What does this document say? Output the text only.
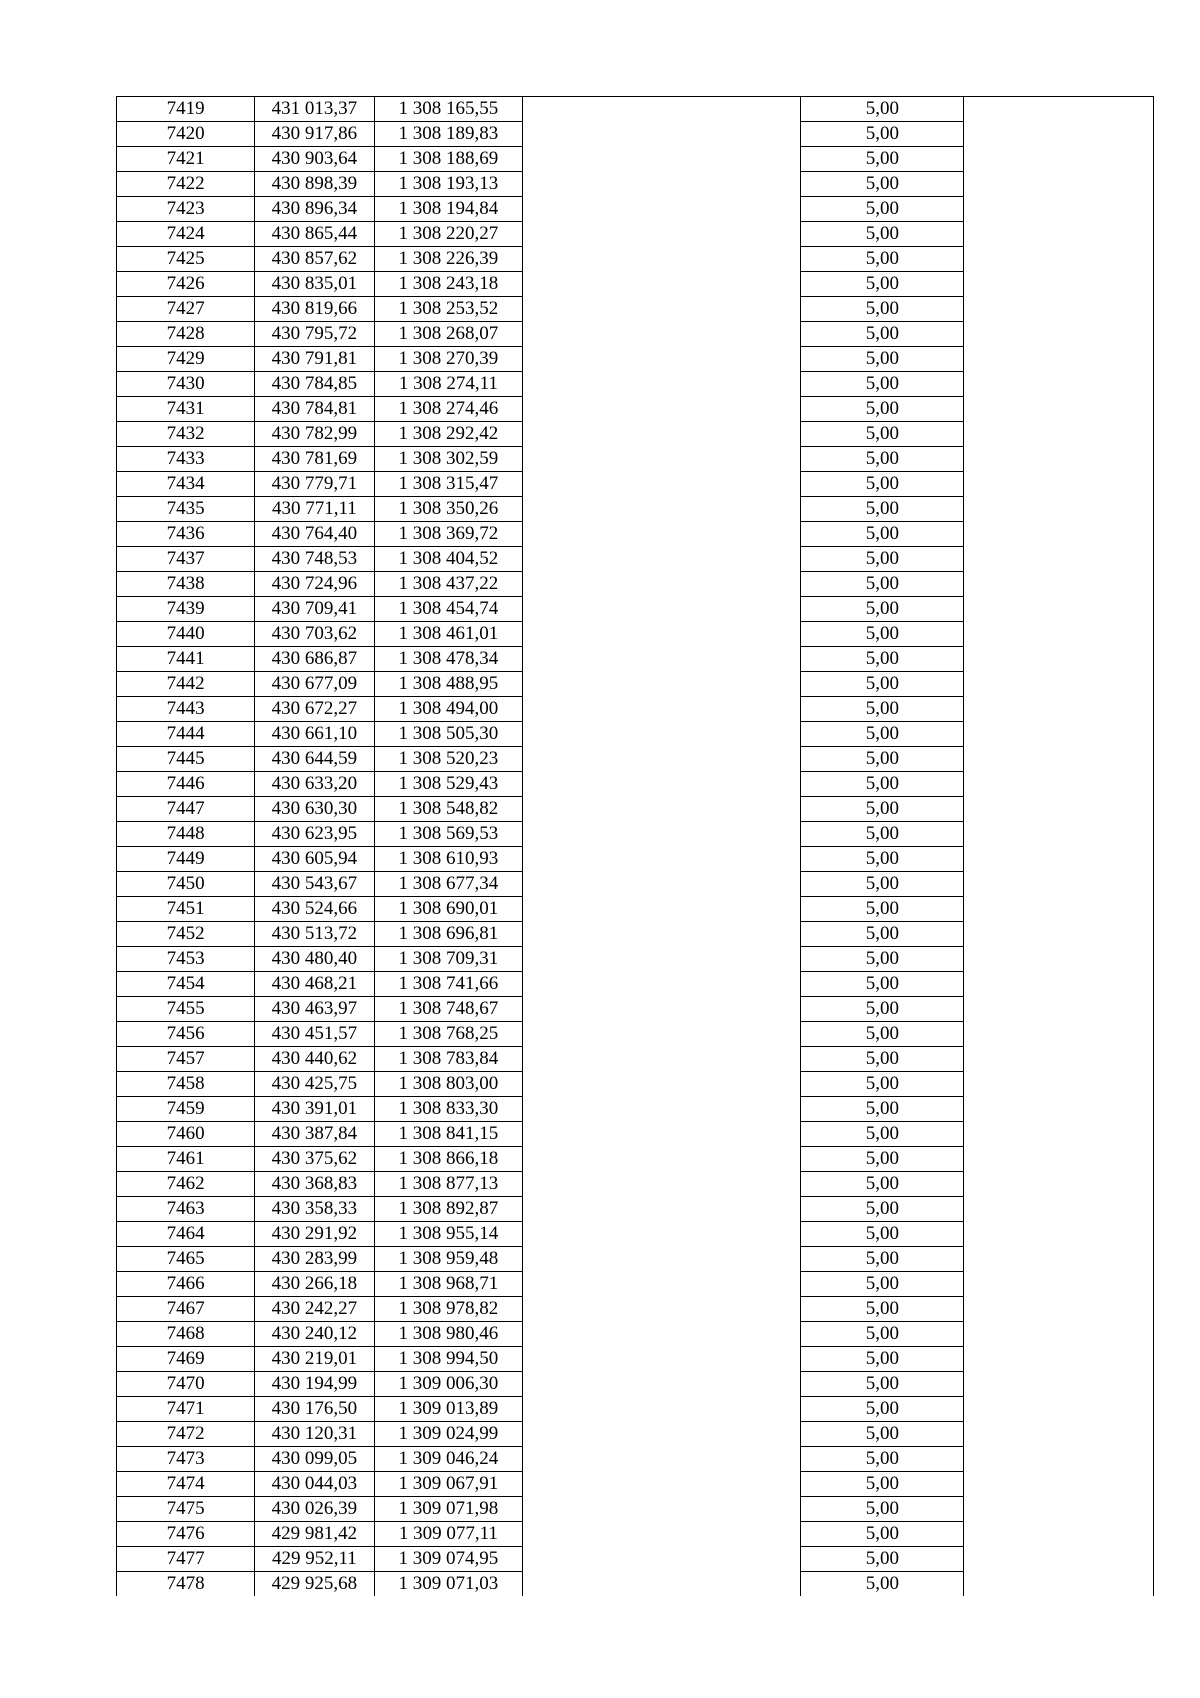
7419	431 013,37	1 308 165,55		5,00	
7420	430 917,86	1 308 189,83		5,00	
7421	430 903,64	1 308 188,69		5,00	
7422	430 898,39	1 308 193,13		5,00	
7423	430 896,34	1 308 194,84		5,00	
7424	430 865,44	1 308 220,27		5,00	
7425	430 857,62	1 308 226,39		5,00	
7426	430 835,01	1 308 243,18		5,00	
7427	430 819,66	1 308 253,52		5,00	
7428	430 795,72	1 308 268,07		5,00	
7429	430 791,81	1 308 270,39		5,00	
7430	430 784,85	1 308 274,11		5,00	
7431	430 784,81	1 308 274,46		5,00	
7432	430 782,99	1 308 292,42		5,00	
7433	430 781,69	1 308 302,59		5,00	
7434	430 779,71	1 308 315,47		5,00	
7435	430 771,11	1 308 350,26		5,00	
7436	430 764,40	1 308 369,72		5,00	
7437	430 748,53	1 308 404,52		5,00	
7438	430 724,96	1 308 437,22		5,00	
7439	430 709,41	1 308 454,74		5,00	
7440	430 703,62	1 308 461,01		5,00	
7441	430 686,87	1 308 478,34		5,00	
7442	430 677,09	1 308 488,95		5,00	
7443	430 672,27	1 308 494,00		5,00	
7444	430 661,10	1 308 505,30		5,00	
7445	430 644,59	1 308 520,23		5,00	
7446	430 633,20	1 308 529,43		5,00	
7447	430 630,30	1 308 548,82		5,00	
7448	430 623,95	1 308 569,53		5,00	
7449	430 605,94	1 308 610,93		5,00	
7450	430 543,67	1 308 677,34		5,00	
7451	430 524,66	1 308 690,01		5,00	
7452	430 513,72	1 308 696,81		5,00	
7453	430 480,40	1 308 709,31		5,00	
7454	430 468,21	1 308 741,66		5,00	
7455	430 463,97	1 308 748,67		5,00	
7456	430 451,57	1 308 768,25		5,00	
7457	430 440,62	1 308 783,84		5,00	
7458	430 425,75	1 308 803,00		5,00	
7459	430 391,01	1 308 833,30		5,00	
7460	430 387,84	1 308 841,15		5,00	
7461	430 375,62	1 308 866,18		5,00	
7462	430 368,83	1 308 877,13		5,00	
7463	430 358,33	1 308 892,87		5,00	
7464	430 291,92	1 308 955,14		5,00	
7465	430 283,99	1 308 959,48		5,00	
7466	430 266,18	1 308 968,71		5,00	
7467	430 242,27	1 308 978,82		5,00	
7468	430 240,12	1 308 980,46		5,00	
7469	430 219,01	1 308 994,50		5,00	
7470	430 194,99	1 309 006,30		5,00	
7471	430 176,50	1 309 013,89		5,00	
7472	430 120,31	1 309 024,99		5,00	
7473	430 099,05	1 309 046,24		5,00	
7474	430 044,03	1 309 067,91		5,00	
7475	430 026,39	1 309 071,98		5,00	
7476	429 981,42	1 309 077,11		5,00	
7477	429 952,11	1 309 074,95		5,00	
7478	429 925,68	1 309 071,03		5,00	
